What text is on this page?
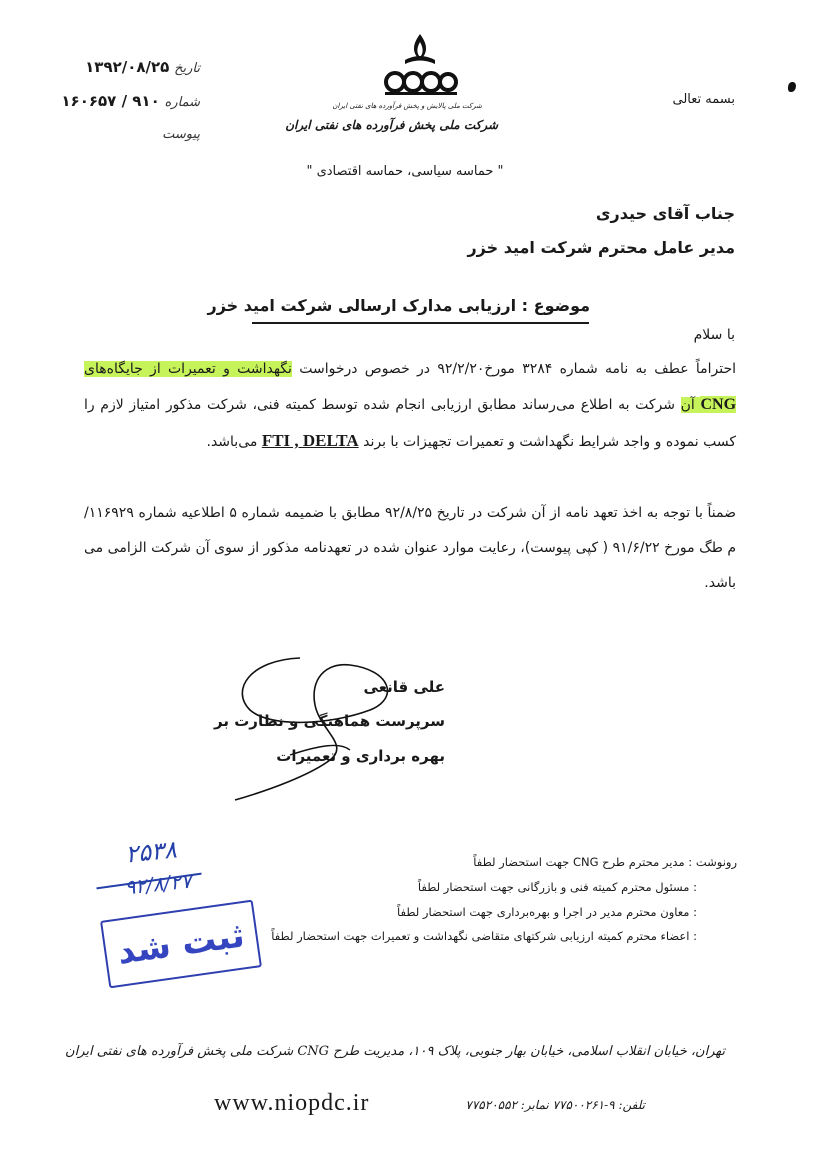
تاریخ ۱۳۹۲/۰۸/۲۵
شماره ۹۱۰ / ۱۶۰۶۵۷
پیوست
شرکت ملی پالایش و پخش فرآورده های نفتی ایران
شرکت ملی پخش فرآورده های نفتی ایران
بسمه تعالی
" حماسه سیاسی، حماسه اقتصادی "
جناب آقای حیدری
مدیر عامل محترم شرکت امید خزر
موضوع : ارزیابی مدارک ارسالی شرکت امید خزر
با سلام
احتراماً عطف به نامه شماره ۳۲۸۴ مورخ۹۲/۲/۲۰ در خصوص درخواست نگهداشت و تعمیرات از جایگاه‌های CNG آن شرکت به اطلاع می‌رساند مطابق ارزیابی انجام شده توسط کمیته فنی، شرکت مذکور امتیاز لازم را کسب نموده و واجد شرایط نگهداشت و تعمیرات تجهیزات با برند FTI , DELTA می‌باشد.
ضمناً با توجه به اخذ تعهد نامه از آن شرکت در تاریخ ۹۲/۸/۲۵ مطابق با ضمیمه شماره ۵ اطلاعیه شماره ۱۱۶۹۲۹/م طگ مورخ ۹۱/۶/۲۲ ( کپی پیوست)، رعایت موارد عنوان شده در تعهدنامه مذکور از سوی آن شرکت الزامی می باشد.
علی قانعی
سرپرست هماهنگی و نظارت بر
بهره برداری و تعمیرات
رونوشت : مدیر محترم طرح CNG جهت استحضار لطفاً
: مسئول محترم کمیته فنی و بازرگانی جهت استحضار لطفاً
: معاون محترم مدیر در اجرا و بهره‌برداری جهت استحضار لطفاً
: اعضاء محترم کمیته ارزیابی شرکتهای متقاضی نگهداشت و تعمیرات جهت استحضار لطفاً
۲۵۳۸
۹۲/۸/۲۷
ثبت شد
تهران، خیابان انقلاب اسلامی، خیابان بهار جنوبی، پلاک ۱۰۹، مدیریت طرح CNG شرکت ملی پخش فرآورده های نفتی ایران
www.niopdc.ir	تلفن: ۹-۷۷۵۰۰۲۶۱ نمابر: ۷۷۵۲۰۵۵۲
